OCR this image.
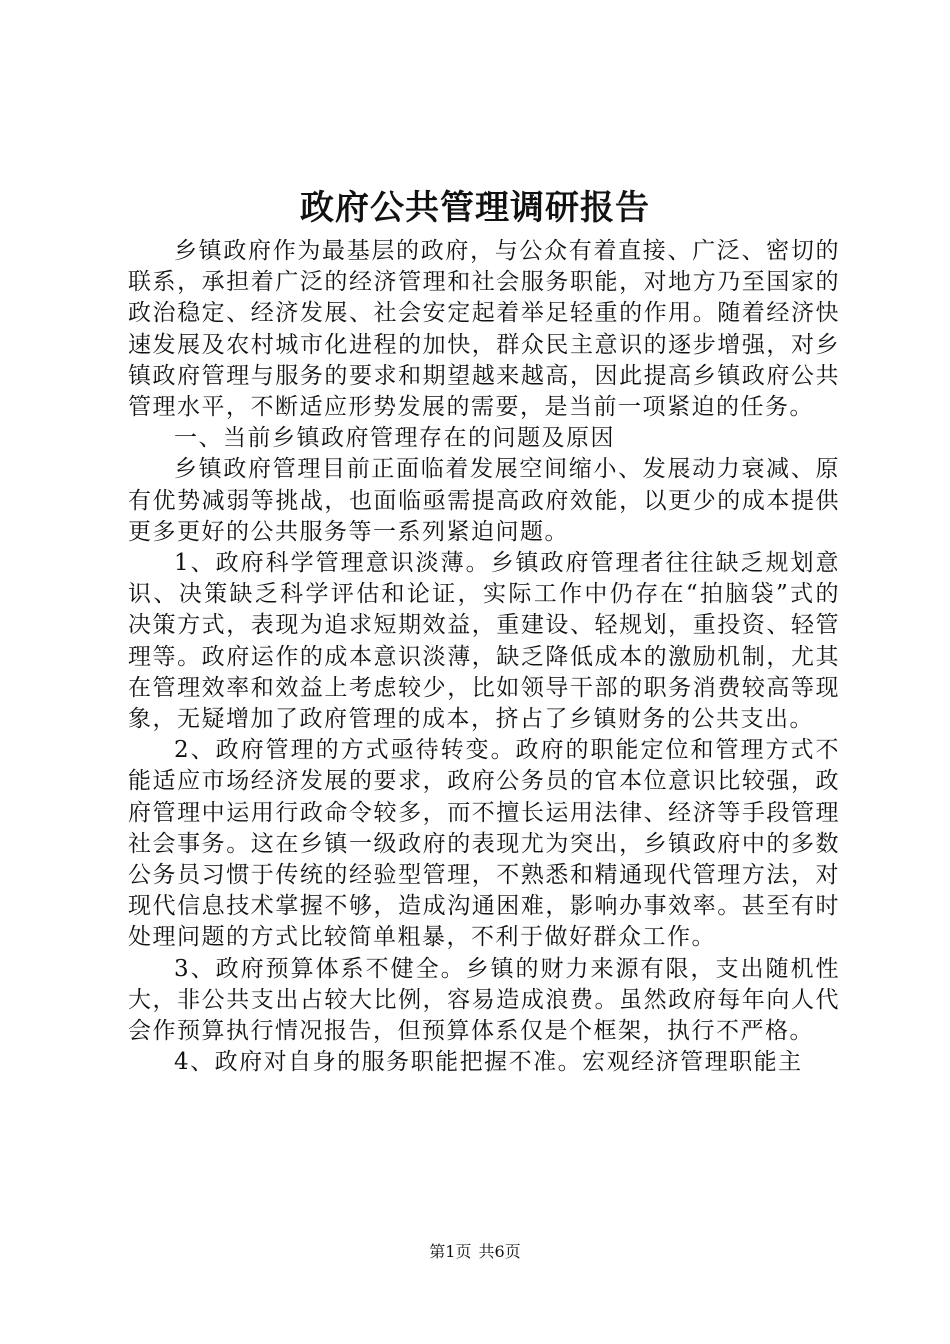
政府公共管理调研报告

乡镇政府作为最基层的政府，与公众有着直接、广泛、密切的联系，承担着广泛的经济管理和社会服务职能，对地方乃至国家的政治稳定、经济发展、社会安定起着举足轻重的作用。随着经济快速发展及农村城市化进程的加快，群众民主意识的逐步增强，对乡镇政府管理与服务的要求和期望越来越高，因此提高乡镇政府公共管理水平，不断适应形势发展的需要，是当前一项紧迫的任务。

一、当前乡镇政府管理存在的问题及原因

乡镇政府管理目前正面临着发展空间缩小、发展动力衰减、原有优势减弱等挑战，也面临亟需提高政府效能，以更少的成本提供更多更好的公共服务等一系列紧迫问题。

1、政府科学管理意识淡薄。乡镇政府管理者往往缺乏规划意识、决策缺乏科学评估和论证，实际工作中仍存在“拍脑袋”式的决策方式，表现为追求短期效益，重建设、轻规划，重投资、轻管理等。政府运作的成本意识淡薄，缺乏降低成本的激励机制，尤其在管理效率和效益上考虑较少，比如领导干部的职务消费较高等现象，无疑增加了政府管理的成本，挤占了乡镇财务的公共支出。

2、政府管理的方式亟待转变。政府的职能定位和管理方式不能适应市场经济发展的要求，政府公务员的官本位意识比较强，政府管理中运用行政命令较多，而不擅长运用法律、经济等手段管理社会事务。这在乡镇一级政府的表现尤为突出，乡镇政府中的多数公务员习惯于传统的经验型管理，不熟悉和精通现代管理方法，对现代信息技术掌握不够，造成沟通困难，影响办事效率。甚至有时处理问题的方式比较简单粗暴，不利于做好群众工作。

3、政府预算体系不健全。乡镇的财力来源有限，支出随机性大，非公共支出占较大比例，容易造成浪费。虽然政府每年向人代会作预算执行情况报告，但预算体系仅是个框架，执行不严格。

4、政府对自身的服务职能把握不准。宏观经济管理职能主

第1页 共6页
